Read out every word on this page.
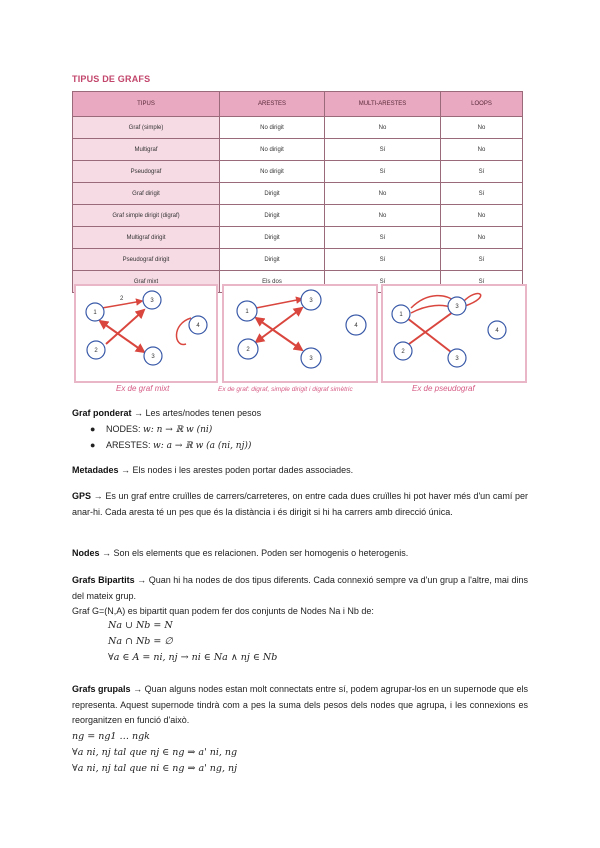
TIPUS DE GRAFS
TIPUS	ARESTES	MULTI-ARESTES	LOOPS
Graf (simple)	No dirigit	No	No
Multigraf	No dirigit	Sí	No
Pseudograf	No dirigit	Sí	Sí
Graf dirigit	Dirigit	No	Sí
Graf simple dirigit (digraf)	Dirigit	No	No
Multigraf dirigit	Dirigit	Sí	No
Pseudograf dirigit	Dirigit	Sí	Sí
Graf mixt	Els dos	Sí	Sí
2
1
3
2
3
4
1
3
2
3
4
1
3
2
3
4
Ex de graf mixt	Ex de graf: digraf, simple dirigit i digraf simètric	Ex de pseudograf
Graf ponderat → Les artes/nodes tenen pesos
● NODES: w: n → ℝ w (ni)
● ARESTES: w: a → ℝ w (a (ni, nj))
Metadades → Els nodes i les arestes poden portar dades associades.
GPS → Es un graf entre cruïlles de carrers/carreteres, on entre cada dues cruïlles hi pot haver més d'un camí per anar-hi. Cada aresta té un pes que és la distància i és dirigit si hi ha carrers amb direcció única.
Nodes → Son els elements que es relacionen. Poden ser homogenis o heterogenis.
Grafs Bipartits → Quan hi ha nodes de dos tipus diferents. Cada connexió sempre va d'un grup a l'altre, mai dins del mateix grup.
Graf G=(N,A) es bipartit quan podem fer dos conjunts de Nodes Na i Nb de:
Na ∪ Nb = N
Na ∩ Nb = ∅
∀a ∈ A = ni, nj → ni ∈ Na ∧ nj ∈ Nb
Grafs grupals → Quan alguns nodes estan molt connectats entre sí, podem agrupar-los en un supernode que els representa. Aquest supernode tindrà com a pes la suma dels pesos dels nodes que agrupa, i les connexions es reorganitzen en funció d'això.
ng = ng1 … ngk
∀a ni, nj tal que nj ∈ ng ⇒ a' ni, ng
∀a ni, nj tal que ni ∈ ng ⇒ a' ng, nj
